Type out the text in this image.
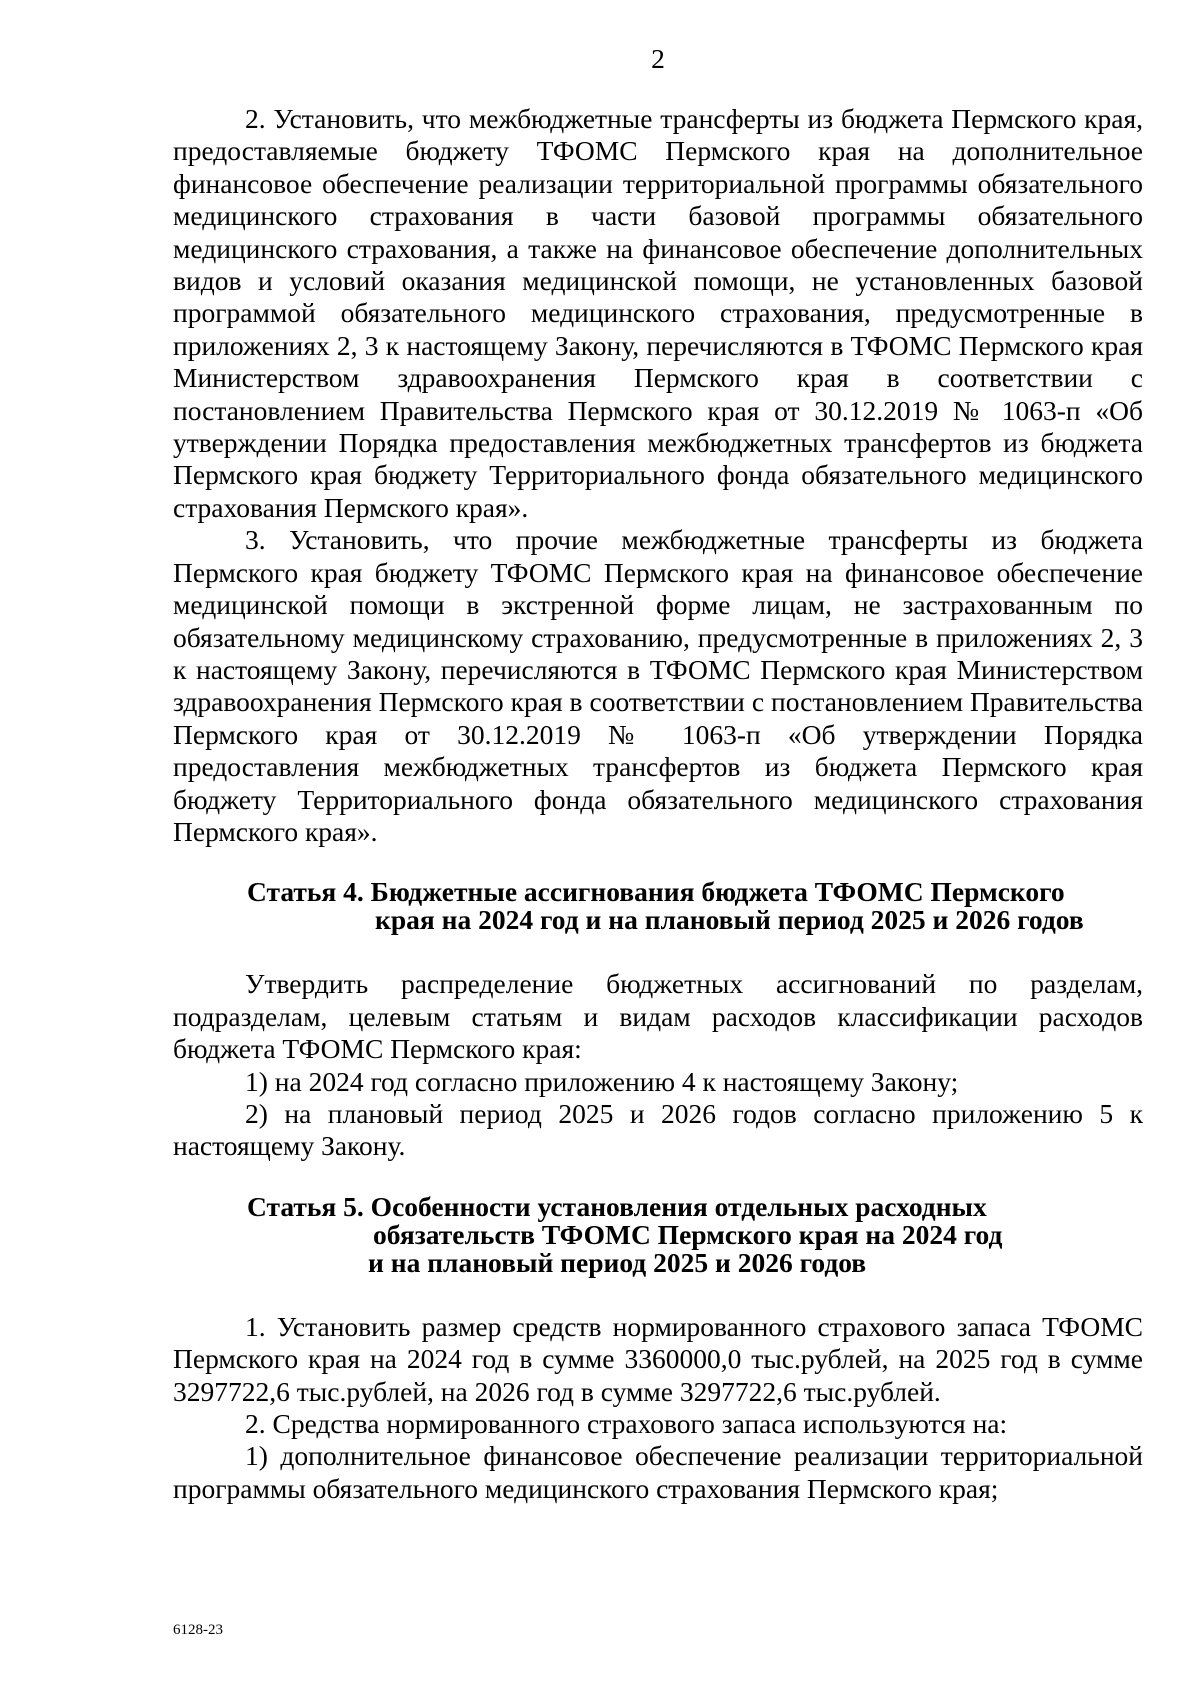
2

2. Установить, что межбюджетные трансферты из бюджета Пермского края, предоставляемые бюджету ТФОМС Пермского края на дополнительное финансовое обеспечение реализации территориальной программы обязательного медицинского страхования в части базовой программы обязательного медицинского страхования, а также на финансовое обеспечение дополнительных видов и условий оказания медицинской помощи, не установленных базовой программой обязательного медицинского страхования, предусмотренные в приложениях 2, 3 к настоящему Закону, перечисляются в ТФОМС Пермского края Министерством здравоохранения Пермского края в соответствии с постановлением Правительства Пермского края от 30.12.2019 № 1063-п «Об утверждении Порядка предоставления межбюджетных трансфертов из бюджета Пермского края бюджету Территориального фонда обязательного медицинского страхования Пермского края».

3. Установить, что прочие межбюджетные трансферты из бюджета Пермского края бюджету ТФОМС Пермского края на финансовое обеспечение медицинской помощи в экстренной форме лицам, не застрахованным по обязательному медицинскому страхованию, предусмотренные в приложениях 2, 3 к настоящему Закону, перечисляются в ТФОМС Пермского края Министерством здравоохранения Пермского края в соответствии с постановлением Правительства Пермского края от 30.12.2019 № 1063-п «Об утверждении Порядка предоставления межбюджетных трансфертов из бюджета Пермского края бюджету Территориального фонда обязательного медицинского страхования Пермского края».

Статья 4. Бюджетные ассигнования бюджета ТФОМС Пермского
края на 2024 год и на плановый период 2025 и 2026 годов

Утвердить распределение бюджетных ассигнований по разделам, подразделам, целевым статьям и видам расходов классификации расходов бюджета ТФОМС Пермского края:

1) на 2024 год согласно приложению 4 к настоящему Закону;

2) на плановый период 2025 и 2026 годов согласно приложению 5 к настоящему Закону.

Статья 5. Особенности установления отдельных расходных
обязательств ТФОМС Пермского края на 2024 год
и на плановый период 2025 и 2026 годов

1. Установить размер средств нормированного страхового запаса ТФОМС Пермского края на 2024 год в сумме 3360000,0 тыс.рублей, на 2025 год в сумме 3297722,6 тыс.рублей, на 2026 год в сумме 3297722,6 тыс.рублей.

2. Средства нормированного страхового запаса используются на:

1) дополнительное финансовое обеспечение реализации территориальной программы обязательного медицинского страхования Пермского края;

6128-23
